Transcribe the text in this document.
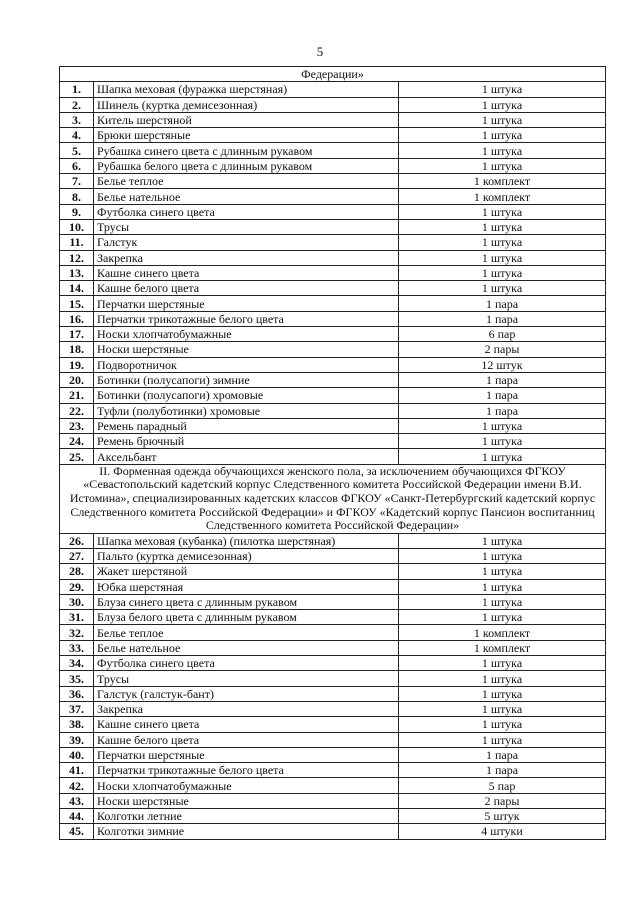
5
Федерации»		
1.	Шапка меховая (фуражка шерстяная)	1 штука
2.	Шинель (куртка демисезонная)	1 штука
3.	Китель шерстяной	1 штука
4.	Брюки шерстяные	1 штука
5.	Рубашка синего цвета с длинным рукавом	1 штука
6.	Рубашка белого цвета с длинным рукавом	1 штука
7.	Белье теплое	1 комплект
8.	Белье нательное	1 комплект
9.	Футболка синего цвета	1 штука
10.	Трусы	1 штука
11.	Галстук	1 штука
12.	Закрепка	1 штука
13.	Кашне синего цвета	1 штука
14.	Кашне белого цвета	1 штука
15.	Перчатки шерстяные	1 пара
16.	Перчатки трикотажные белого цвета	1 пара
17.	Носки хлопчатобумажные	6 пар
18.	Носки шерстяные	2 пары
19.	Подворотничок	12 штук
20.	Ботинки (полусапоги) зимние	1 пара
21.	Ботинки (полусапоги) хромовые	1 пара
22.	Туфли (полуботинки) хромовые	1 пара
23.	Ремень парадный	1 штука
24.	Ремень брючный	1 штука
25.	Аксельбант	1 штука
II. Форменная одежда обучающихся женского пола, за исключением обучающихся ФГКОУ «Севастопольский кадетский корпус Следственного комитета Российской Федерации имени В.И. Истомина», специализированных кадетских классов ФГКОУ «Санкт-Петербургский кадетский корпус Следственного комитета Российской Федерации» и ФГКОУ «Кадетский корпус Пансион воспитанниц Следственного комитета Российской Федерации»		
26.	Шапка меховая (кубанка) (пилотка шерстяная)	1 штука
27.	Пальто (куртка демисезонная)	1 штука
28.	Жакет шерстяной	1 штука
29.	Юбка шерстяная	1 штука
30.	Блуза синего цвета с длинным рукавом	1 штука
31.	Блуза белого цвета с длинным рукавом	1 штука
32.	Белье теплое	1 комплект
33.	Белье нательное	1 комплект
34.	Футболка синего цвета	1 штука
35.	Трусы	1 штука
36.	Галстук (галстук-бант)	1 штука
37.	Закрепка	1 штука
38.	Кашне синего цвета	1 штука
39.	Кашне белого цвета	1 штука
40.	Перчатки шерстяные	1 пара
41.	Перчатки трикотажные белого цвета	1 пара
42.	Носки хлопчатобумажные	5 пар
43.	Носки шерстяные	2 пары
44.	Колготки летние	5 штук
45.	Колготки зимние	4 штуки
